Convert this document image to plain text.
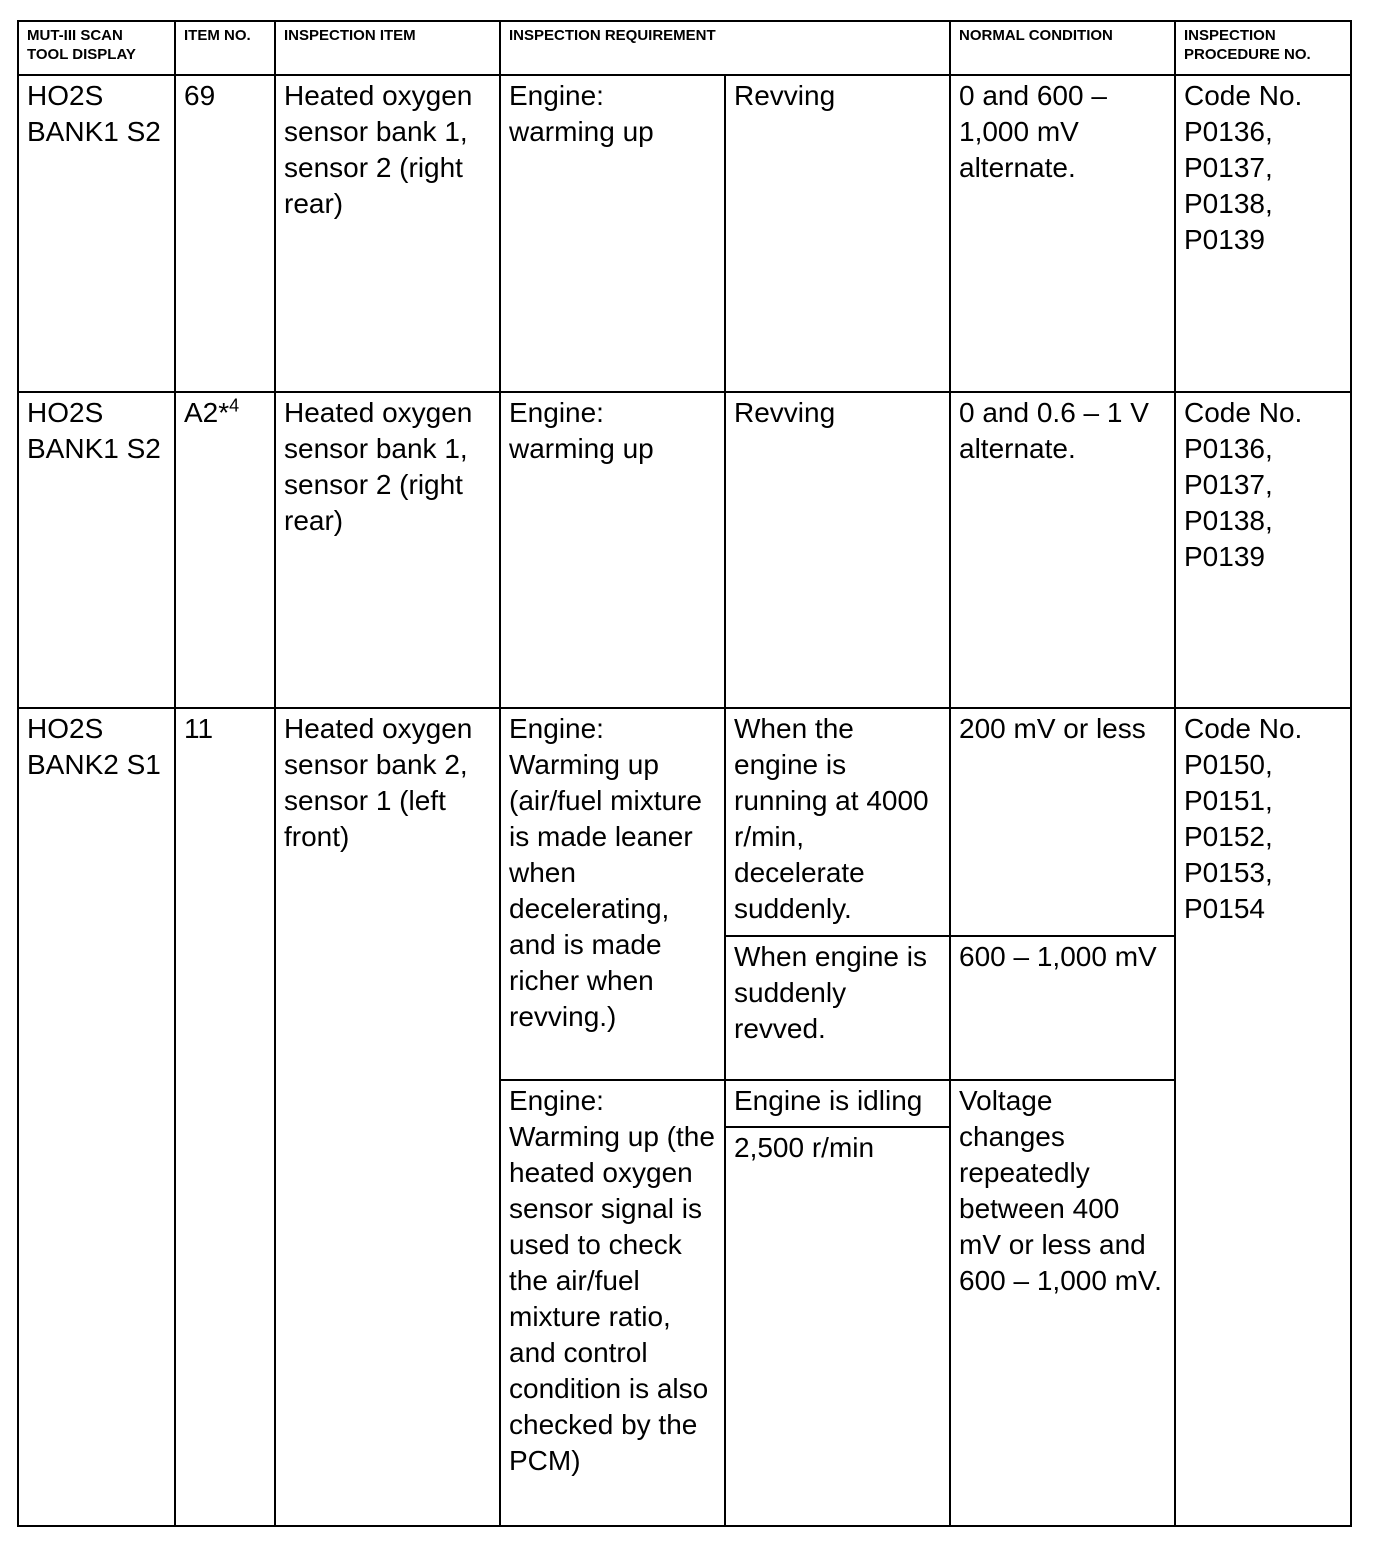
MUT-III SCAN TOOL DISPLAY	ITEM NO.	INSPECTION ITEM	INSPECTION REQUIREMENT		NORMAL CONDITION	INSPECTION PROCEDURE NO.
HO2S BANK1 S2	69	Heated oxygen sensor bank 1, sensor 2 (right rear)	Engine: warming up	Revving	0 and 600 – 1,000 mV alternate.	Code No. P0136, P0137, P0138, P0139
HO2S BANK1 S2	A2*$^4$	Heated oxygen sensor bank 1, sensor 2 (right rear)	Engine: warming up	Revving	0 and 0.6 – 1 V alternate.	Code No. P0136, P0137, P0138, P0139
HO2S BANK2 S1	11	Heated oxygen sensor bank 2, sensor 1 (left front)	Engine: Warming up (air/fuel mixture is made leaner when decelerating, and is made richer when revving.)	When the engine is running at 4000 r/min, decelerate suddenly.	200 mV or less	Code No. P0150, P0151, P0152, P0153, P0154
				When engine is suddenly revved.	600 – 1,000 mV	
			Engine: Warming up (the heated oxygen sensor signal is used to check the air/fuel mixture ratio, and control condition is also checked by the PCM)	Engine is idling	Voltage changes repeatedly between 400 mV or less and 600 – 1,000 mV.	
				2,500 r/min		
